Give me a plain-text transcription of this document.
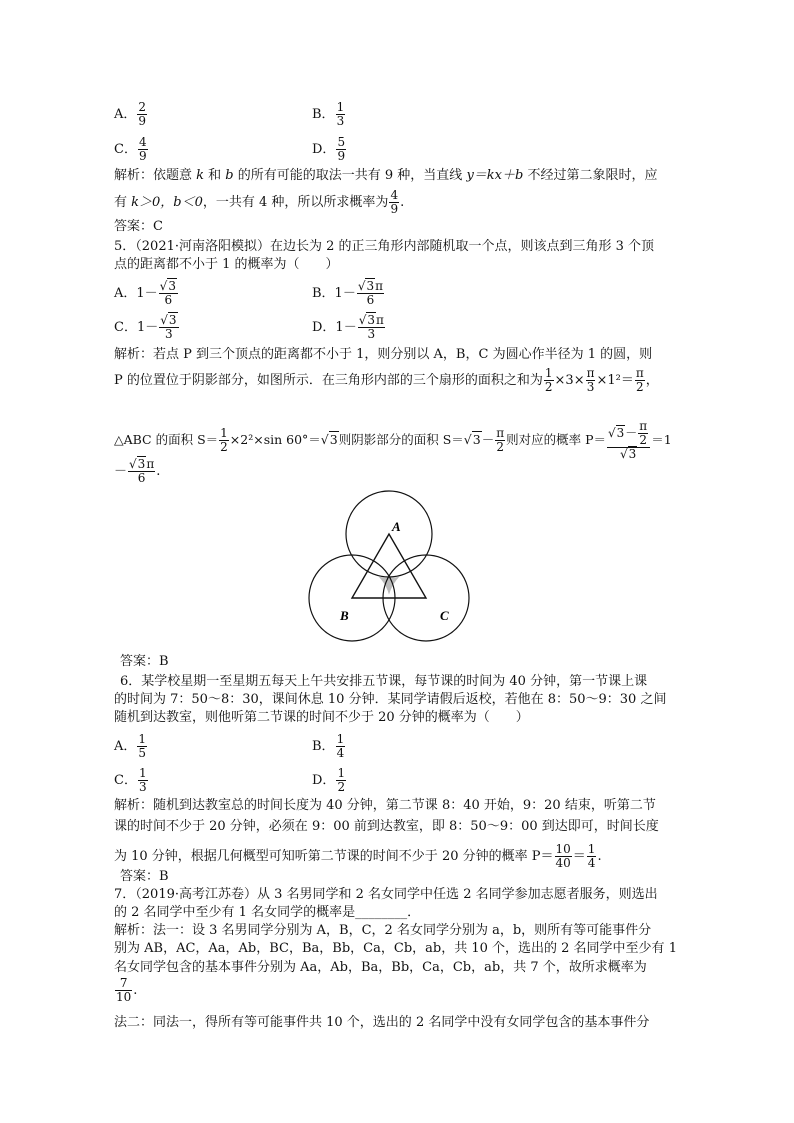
A． $\frac{2}{9}$	B． $\frac{1}{3}$
C． $\frac{4}{9}$	D． $\frac{5}{9}$
解析：依题意 k 和 b 的所有可能的取法一共有 9 种，当直线 y＝kx＋b 不经过第二象限时，应
有 k＞0，b＜0，一共有 4 种，所以所求概率为 $\frac{4}{9}$ .
答案：C
5．（2021·河南洛阳模拟）在边长为 2 的正三角形内部随机取一个点，则该点到三角形 3 个顶
点的距离都不小于 1 的概率为（　　）
A．$1- \frac{√3}{6}$	B．$1- \frac{√3\pi}{6}$
C．$1- \frac{√3}{3}$	D．$1- \frac{√3\pi}{3}$
解析：若点 P 到三个顶点的距离都不小于 1，则分别以 A，B，C 为圆心作半径为 1 的圆，则
P 的位置位于阴影部分，如图所示．在三角形内部的三个扇形的面积之和为 $\frac{1}{2} \times 3\times \frac{\pi}{3} \times 1^2= \frac{\pi}{2}$ ，
△ABC 的面积 $S= \frac{1}{2} \times 2^2\times\sin$ 60°＝√3则阴影部分的面积 $S=√3- \frac{\pi}{2}$ 则对应的概率 $P= \frac{√3- \frac{\pi}{2}}{√3} =1$
－ $\frac{√3\pi}{6}$ .
A
B	C
答案：B
6．某学校星期一至星期五每天上午共安排五节课，每节课的时间为 40 分钟，第一节课上课
的时间为 7：50～8：30，课间休息 10 分钟．某同学请假后返校，若他在 8：50～9：30 之间
随机到达教室，则他听第二节课的时间不少于 20 分钟的概率为（　　）
A． $\frac{1}{5}$	B． $\frac{1}{4}$
C． $\frac{1}{3}$	D． $\frac{1}{2}$
解析：随机到达教室总的时间长度为 40 分钟，第二节课 8：40 开始，9：20 结束，听第二节
课的时间不少于 20 分钟，必须在 9：00 前到达教室，即 8：50～9：00 到达即可，时间长度
为 10 分钟，根据几何概型可知听第二节课的时间不少于 20 分钟的概率 $P= \frac{10}{40} = \frac{1}{4}$ .
答案：B
7．（2019·高考江苏卷）从 3 名男同学和 2 名女同学中任选 2 名同学参加志愿者服务，则选出
的 2 名同学中至少有 1 名女同学的概率是________．
解析：法一：设 3 名男同学分别为 A，B，C，2 名女同学分别为 a，b，则所有等可能事件分
别为 AB，AC，Aa，Ab，BC，Ba，Bb，Ca，Cb，ab，共 10 个，选出的 2 名同学中至少有 1
名女同学包含的基本事件分别为 Aa，Ab，Ba，Bb，Ca，Cb，ab，共 7 个，故所求概率为
$\frac{7}{10}$ .
法二：同法一，得所有等可能事件共 10 个，选出的 2 名同学中没有女同学包含的基本事件分
